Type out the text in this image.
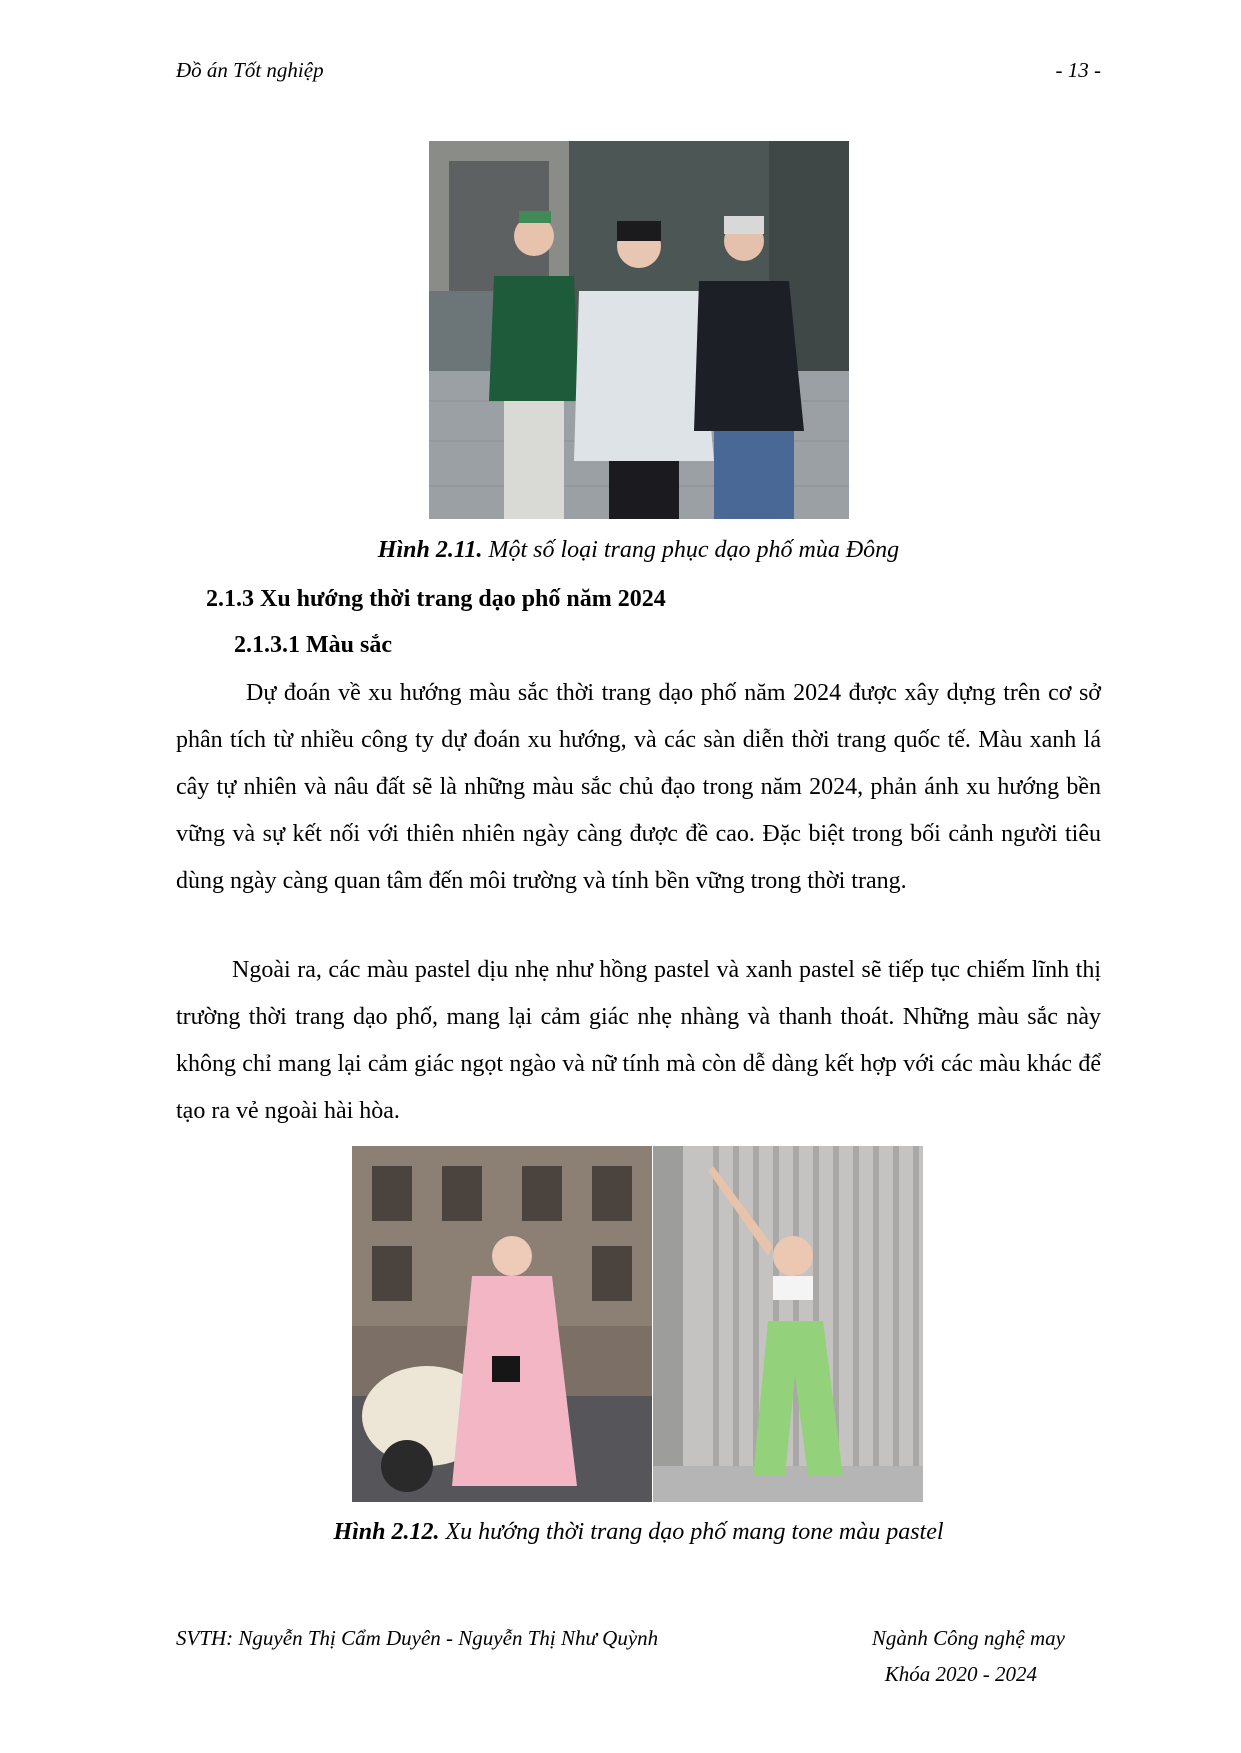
Đồ án Tốt nghiệp	- 13 -
Hình 2.11. Một số loại trang phục dạo phố mùa Đông
2.1.3 Xu hướng thời trang dạo phố năm 2024
2.1.3.1 Màu sắc

Dự đoán về xu hướng màu sắc thời trang dạo phố năm 2024 được xây dựng trên cơ sở phân tích từ nhiều công ty dự đoán xu hướng, và các sàn diễn thời trang quốc tế. Màu xanh lá cây tự nhiên và nâu đất sẽ là những màu sắc chủ đạo trong năm 2024, phản ánh xu hướng bền vững và sự kết nối với thiên nhiên ngày càng được đề cao. Đặc biệt trong bối cảnh người tiêu dùng ngày càng quan tâm đến môi trường và tính bền vững trong thời trang.

Ngoài ra, các màu pastel dịu nhẹ như hồng pastel và xanh pastel sẽ tiếp tục chiếm lĩnh thị trường thời trang dạo phố, mang lại cảm giác nhẹ nhàng và thanh thoát. Những màu sắc này không chỉ mang lại cảm giác ngọt ngào và nữ tính mà còn dễ dàng kết hợp với các màu khác để tạo ra vẻ ngoài hài hòa.

Hình 2.12. Xu hướng thời trang dạo phố mang tone màu pastel
SVTH: Nguyễn Thị Cẩm Duyên - Nguyễn Thị Như Quỳnh	Ngành Công nghệ may
Khóa 2020 - 2024
